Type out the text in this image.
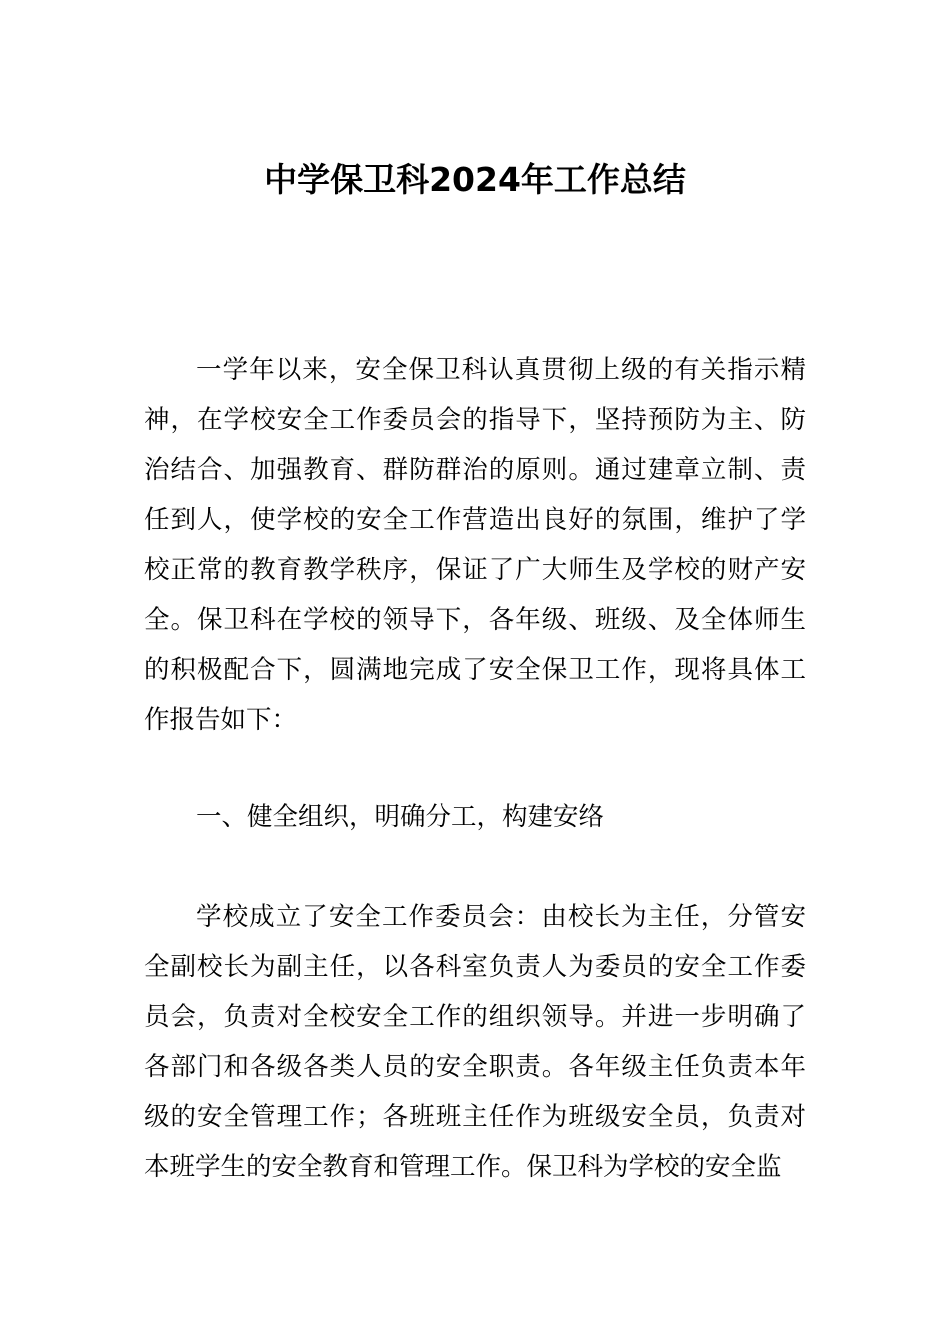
中学保卫科2024年工作总结

一学年以来，安全保卫科认真贯彻上级的有关指示精神，在学校安全工作委员会的指导下，坚持预防为主、防治结合、加强教育、群防群治的原则。通过建章立制、责任到人，使学校的安全工作营造出良好的氛围，维护了学校正常的教育教学秩序，保证了广大师生及学校的财产安全。保卫科在学校的领导下，各年级、班级、及全体师生的积极配合下，圆满地完成了安全保卫工作，现将具体工作报告如下：

一、健全组织，明确分工，构建安络

学校成立了安全工作委员会：由校长为主任，分管安全副校长为副主任，以各科室负责人为委员的安全工作委员会，负责对全校安全工作的组织领导。并进一步明确了各部门和各级各类人员的安全职责。各年级主任负责本年级的安全管理工作；各班班主任作为班级安全员，负责对本班学生的安全教育和管理工作。保卫科为学校的安全监
